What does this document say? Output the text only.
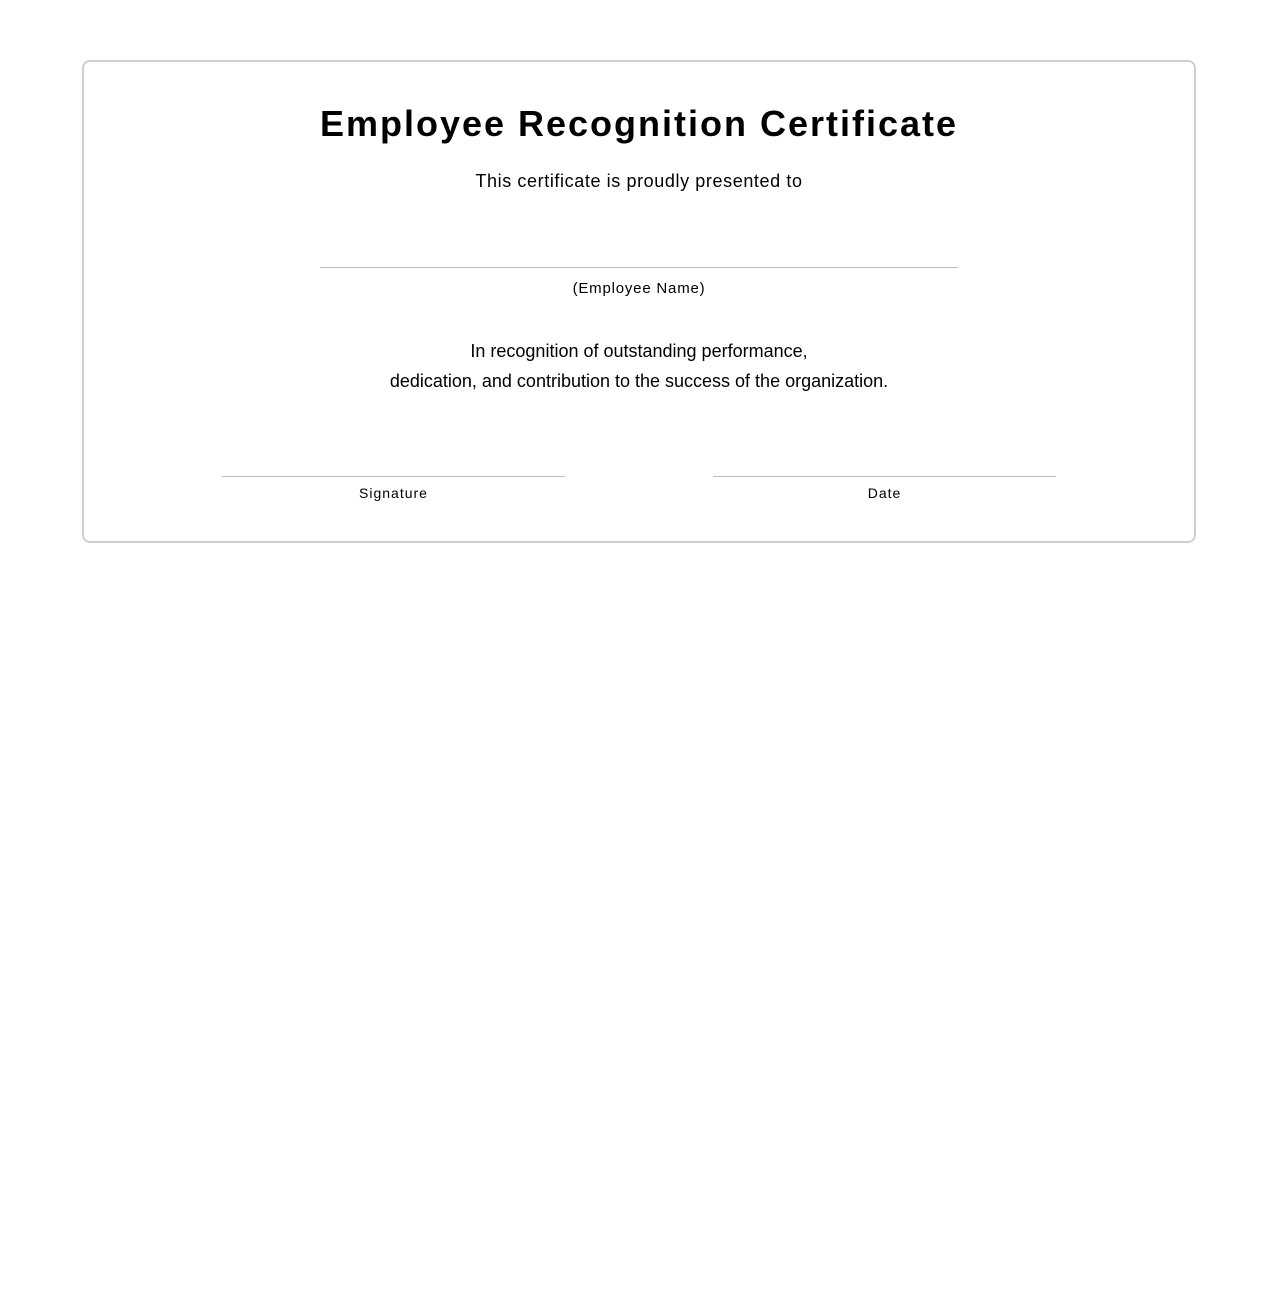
Employee Recognition Certificate

This certificate is proudly presented to

(Employee Name)
In recognition of outstanding performance,
dedication, and contribution to the success of the organization.
Signature	Date
